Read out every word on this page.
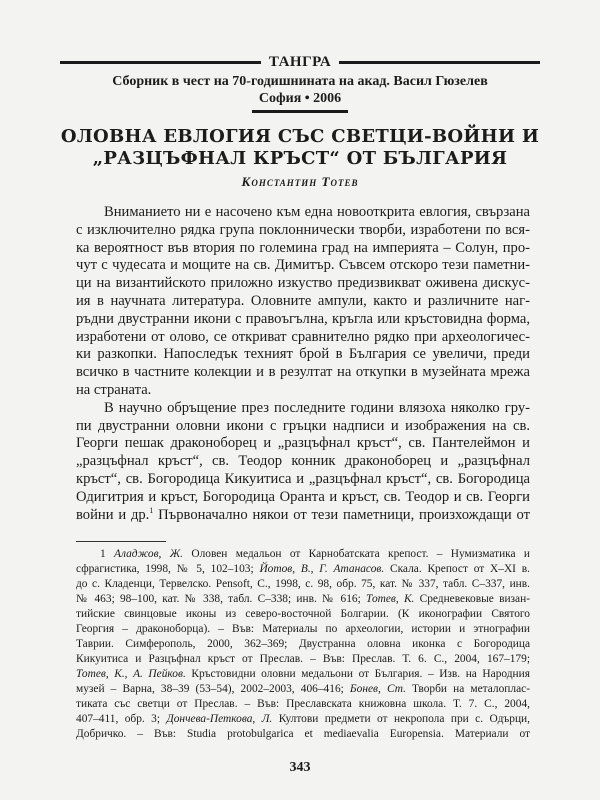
ТАНГРА
Сборник в чест на 70-годишнината на акад. Васил Гюзелев
София • 2006
ОЛОВНА ЕВЛОГИЯ СЪС СВЕТЦИ-ВОЙНИ И
„РАЗЦЪФНАЛ КРЪСТ“ ОТ БЪЛГАРИЯ
Константин Тотев
Вниманието ни е насочено към една новооткрита евлогия, свързана
с изключително рядка група поклоннически творби, изработени по вся-
ка вероятност във втория по големина град на империята – Солун, про-
чут с чудесата и мощите на св. Димитър. Съвсем отскоро тези паметни-
ци на византийското приложно изкуство предизвикват оживена дискус-
ия в научната литература. Оловните ампули, както и различните наг-
ръдни двустранни икони с правоъгълна, кръгла или кръстовидна форма,
изработени от олово, се откриват сравнително рядко при археологичес-
ки разкопки. Напоследък техният брой в България се увеличи, преди
всичко в частните колекции и в резултат на откупки в музейната мрежа
на страната.
В научно обръщение през последните години влязоха няколко гру-
пи двустранни оловни икони с гръцки надписи и изображения на св.
Георги пешак драконоборец и „разцъфнал кръст“, св. Пантелеймон и
„разцъфнал кръст“, св. Теодор конник драконоборец и „разцъфнал
кръст“, св. Богородица Кикуитиса и „разцъфнал кръст“, св. Богородица
Одигитрия и кръст, Богородица Оранта и кръст, св. Теодор и св. Георги
войни и др.$^1$ Първоначално някои от тези паметници, произхождащи от
1 Аладжов, Ж. Оловен медальон от Карнобатската крепост. – Нумизматика и
сфрагистика, 1998, № 5, 102–103; Йотов, В., Г. Атанасов. Скала. Крепост от X–XI в.
до с. Кладенци, Тервелско. Pensoft, С., 1998, с. 98, обр. 75, кат. № 337, табл. С–337, инв.
№ 463; 98–100, кат. № 338, табл. С–338; инв. № 616; Тотев, К. Средневековые визан-
тийские свинцовые иконы из северо-восточной Болгарии. (К иконографии Святого
Георгия – драконоборца). – Във: Материалы по археологии, истории и этнографии
Таврии. Симферополь, 2000, 362–369; Двустранна оловна иконка с Богородица
Кикуитиса и Разцъфнал кръст от Преслав. – Във: Преслав. Т. 6. С., 2004, 167–179;
Тотев, К., А. Пейков. Кръстовидни оловни медальони от България. – Изв. на Народния
музей – Варна, 38–39 (53–54), 2002–2003, 406–416; Бонев, Ст. Творби на металоплас-
тиката със светци от Преслав. – Във: Преславската книжовна школа. Т. 7. С., 2004,
407–411, обр. 3; Дончева-Петкова, Л. Култови предмети от некропола при с. Одърци,
Добричко. – Във: Studia protobulgarica et mediaevalia Europensia. Материали от
343
